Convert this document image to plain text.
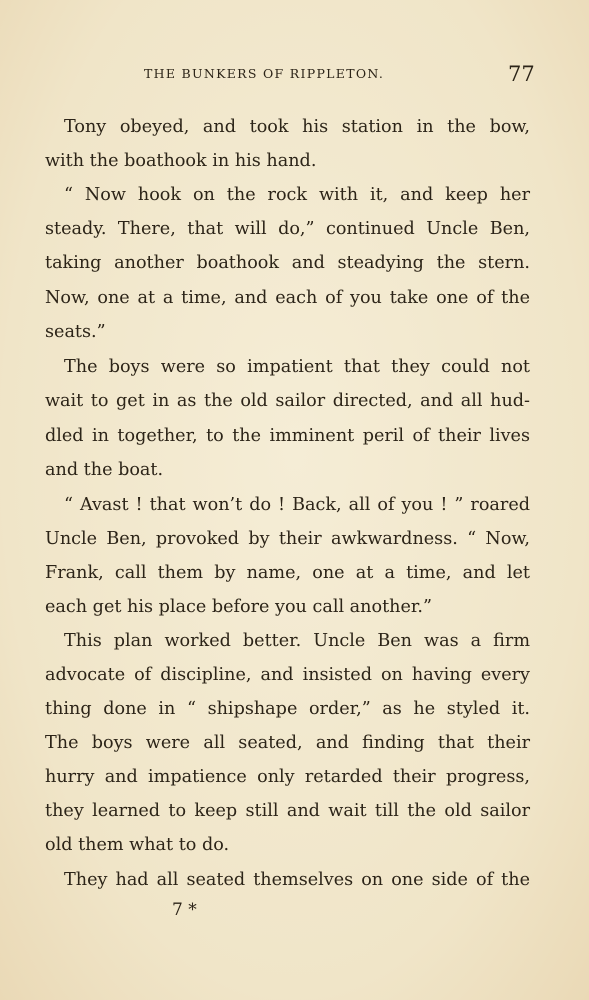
THE BUNKERS OF RIPPLETON.	77
Tony obeyed, and took his station in the bow,
with the boathook in his hand.
“ Now hook on the rock with it, and keep her
steady. There, that will do,” continued Uncle Ben,
taking another boathook and steadying the stern.
Now, one at a time, and each of you take one of the
seats.”
The boys were so impatient that they could not
wait to get in as the old sailor directed, and all hud-
dled in together, to the imminent peril of their lives
and the boat.
“ Avast ! that won’t do ! Back, all of you ! ” roared
Uncle Ben, provoked by their awkwardness. “ Now,
Frank, call them by name, one at a time, and let
each get his place before you call another.”
This plan worked better. Uncle Ben was a firm
advocate of discipline, and insisted on having every
thing done in “ shipshape order,” as he styled it.
The boys were all seated, and finding that their
hurry and impatience only retarded their progress,
they learned to keep still and wait till the old sailor
old them what to do.
They had all seated themselves on one side of the
7 *
